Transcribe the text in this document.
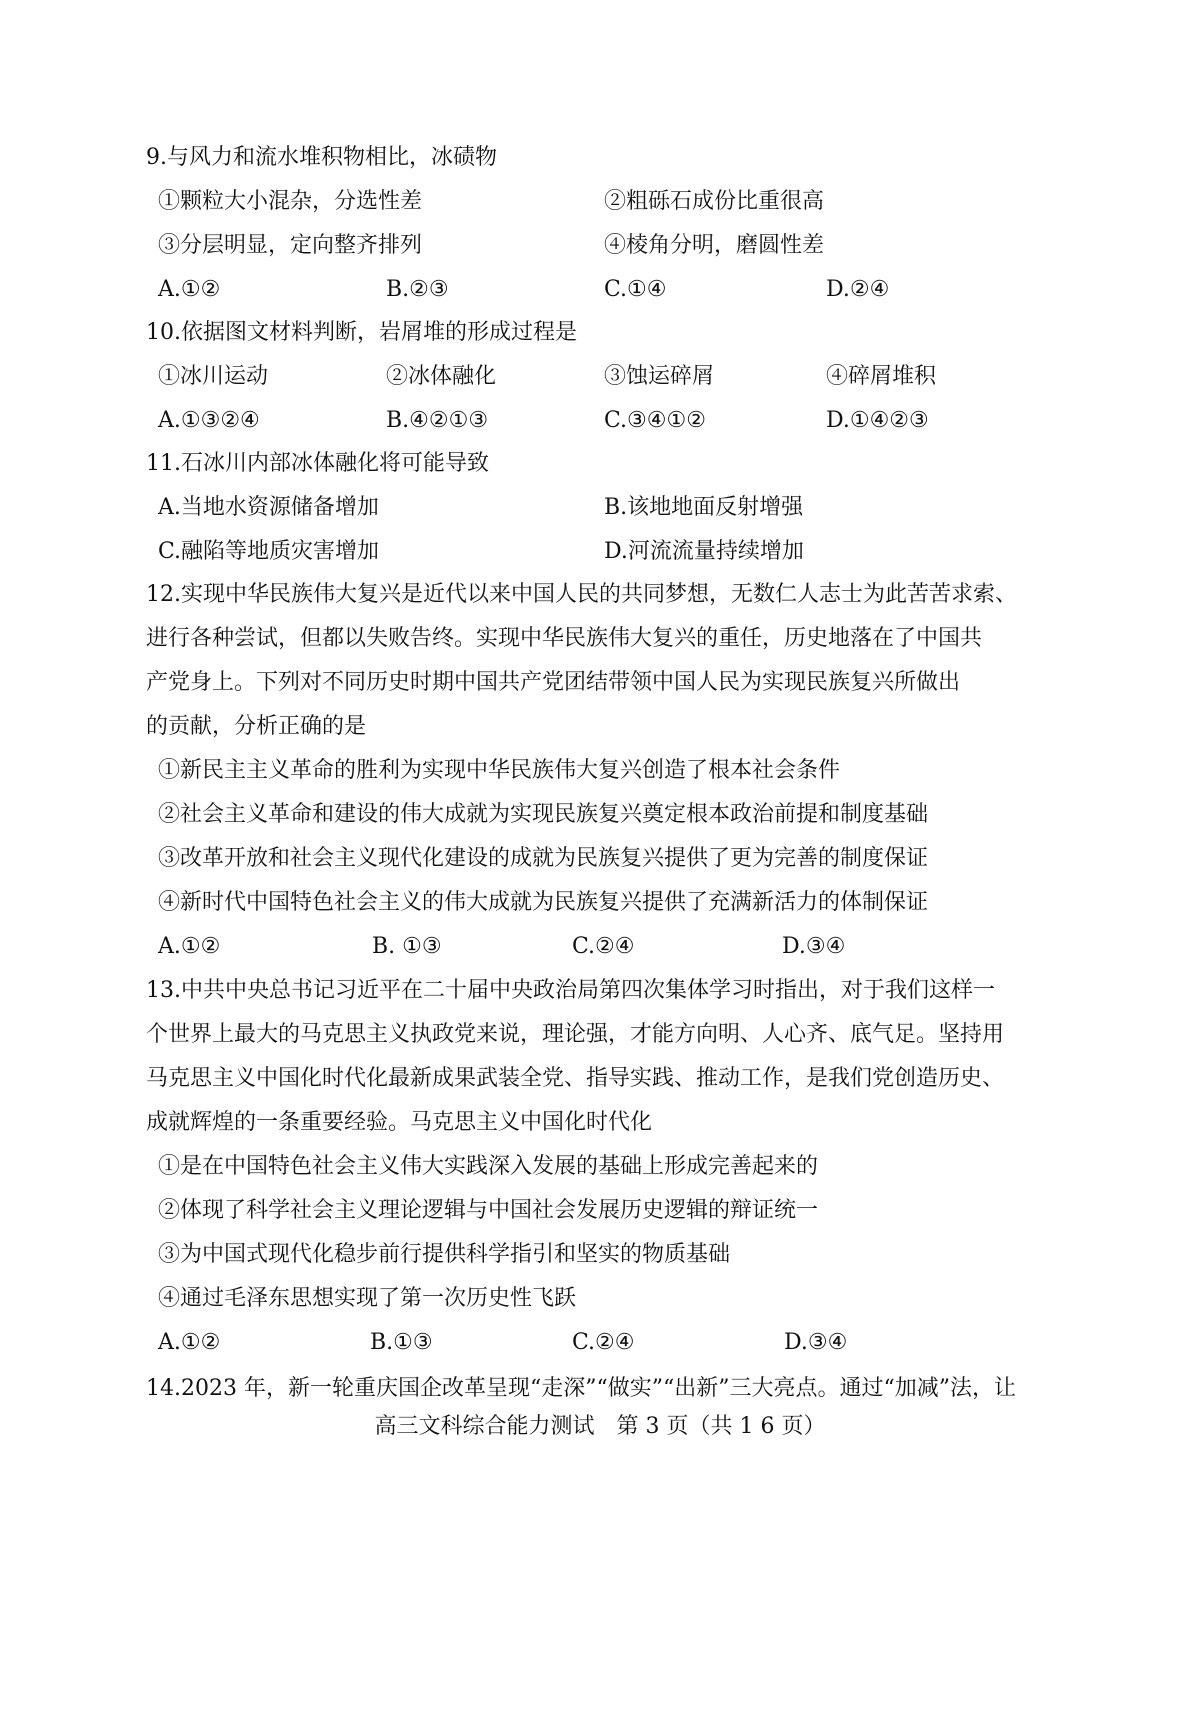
9.与风力和流水堆积物相比，冰碛物
①颗粒大小混杂，分选性差	②粗砾石成份比重很高
③分层明显，定向整齐排列	④棱角分明，磨圆性差
A.①②	B.②③	C.①④	D.②④
10.依据图文材料判断，岩屑堆的形成过程是
①冰川运动	②冰体融化	③蚀运碎屑	④碎屑堆积
A.①③②④	B.④②①③	C.③④①②	D.①④②③
11.石冰川内部冰体融化将可能导致
A.当地水资源储备增加	B.该地地面反射增强
C.融陷等地质灾害增加	D.河流流量持续增加
12.实现中华民族伟大复兴是近代以来中国人民的共同梦想，无数仁人志士为此苦苦求索、
进行各种尝试，但都以失败告终。实现中华民族伟大复兴的重任，历史地落在了中国共
产党身上。下列对不同历史时期中国共产党团结带领中国人民为实现民族复兴所做出
的贡献，分析正确的是
①新民主主义革命的胜利为实现中华民族伟大复兴创造了根本社会条件
②社会主义革命和建设的伟大成就为实现民族复兴奠定根本政治前提和制度基础
③改革开放和社会主义现代化建设的成就为民族复兴提供了更为完善的制度保证
④新时代中国特色社会主义的伟大成就为民族复兴提供了充满新活力的体制保证
A.①②	B. ①③	C.②④	D.③④
13.中共中央总书记习近平在二十届中央政治局第四次集体学习时指出，对于我们这样一
个世界上最大的马克思主义执政党来说，理论强，才能方向明、人心齐、底气足。坚持用
马克思主义中国化时代化最新成果武装全党、指导实践、推动工作，是我们党创造历史、
成就辉煌的一条重要经验。马克思主义中国化时代化
①是在中国特色社会主义伟大实践深入发展的基础上形成完善起来的
②体现了科学社会主义理论逻辑与中国社会发展历史逻辑的辩证统一
③为中国式现代化稳步前行提供科学指引和坚实的物质基础
④通过毛泽东思想实现了第一次历史性飞跃
A.①②	B.①③	C.②④	D.③④
14.2023 年，新一轮重庆国企改革呈现“走深”“做实”“出新”三大亮点。通过“加减”法，让
高三文科综合能力测试　第 3 页（共 1 6 页）
